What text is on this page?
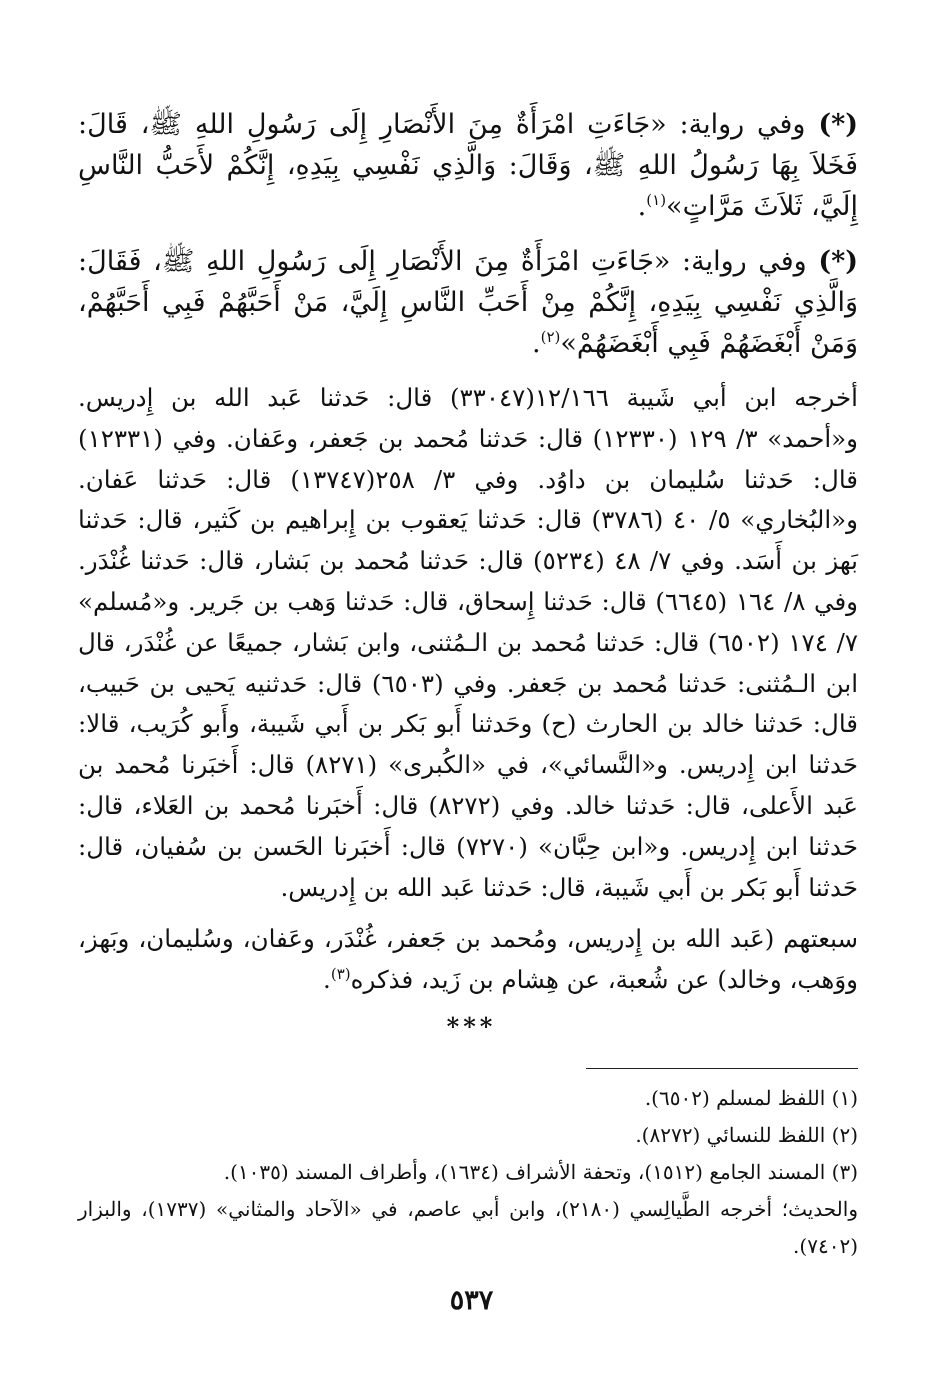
(*) وفي رواية: «جَاءَتِ امْرَأَةٌ مِنَ الأَنْصَارِ إِلَى رَسُولِ اللهِ ﷺ، قَالَ: فَخَلاَ بِهَا رَسُولُ اللهِ ﷺ، وَقَالَ: وَالَّذِي نَفْسِي بِيَدِهِ، إِنَّكُمْ لأَحَبُّ النَّاسِ إِلَيَّ، ثَلاَثَ مَرَّاتٍ»$^{(١)}$.

(*) وفي رواية: «جَاءَتِ امْرَأَةٌ مِنَ الأَنْصَارِ إِلَى رَسُولِ اللهِ ﷺ، فَقَالَ: وَالَّذِي نَفْسِي بِيَدِهِ، إِنَّكُمْ مِنْ أَحَبِّ النَّاسِ إِلَيَّ، مَنْ أَحَبَّهُمْ فَبِي أَحَبَّهُمْ، وَمَنْ أَبْغَضَهُمْ فَبِي أَبْغَضَهُمْ»$^{(٢)}$.

أخرجه ابن أبي شَيبة ١٢/١٦٦(٣٣٠٤٧) قال: حَدثنا عَبد الله بن إِدريس. و«أحمد» ٣/ ١٢٩ (١٢٣٣٠) قال: حَدثنا مُحمد بن جَعفر، وعَفان. وفي (١٢٣٣١) قال: حَدثنا سُليمان بن داوُد. وفي ٣/ ٢٥٨(١٣٧٤٧) قال: حَدثنا عَفان. و«البُخاري» ٥/ ٤٠ (٣٧٨٦) قال: حَدثنا يَعقوب بن إِبراهيم بن كَثير، قال: حَدثنا بَهز بن أَسَد. وفي ٧/ ٤٨ (٥٢٣٤) قال: حَدثنا مُحمد بن بَشار، قال: حَدثنا غُنْدَر. وفي ٨/ ١٦٤ (٦٦٤٥) قال: حَدثنا إِسحاق، قال: حَدثنا وَهب بن جَرير. و«مُسلم» ٧/ ١٧٤ (٦٥٠٢) قال: حَدثنا مُحمد بن الـمُثنى، وابن بَشار، جميعًا عن غُنْدَر، قال ابن الـمُثنى: حَدثنا مُحمد بن جَعفر. وفي (٦٥٠٣) قال: حَدثنيه يَحيى بن حَبيب، قال: حَدثنا خالد بن الحارث (ح) وحَدثنا أَبو بَكر بن أَبي شَيبة، وأَبو كُرَيب، قالا: حَدثنا ابن إِدريس. و«النَّسائي»، في «الكُبرى» (٨٢٧١) قال: أَخبَرنا مُحمد بن عَبد الأَعلى، قال: حَدثنا خالد. وفي (٨٢٧٢) قال: أَخبَرنا مُحمد بن العَلاء، قال: حَدثنا ابن إِدريس. و«ابن حِبَّان» (٧٢٧٠) قال: أَخبَرنا الحَسن بن سُفيان، قال: حَدثنا أَبو بَكر بن أَبي شَيبة، قال: حَدثنا عَبد الله بن إِدريس.

سبعتهم (عَبد الله بن إِدريس، ومُحمد بن جَعفر، غُنْدَر، وعَفان، وسُليمان، وبَهز، ووَهب، وخالد) عن شُعبة، عن هِشام بن زَيد، فذكره$^{(٣)}$.

***

(١) اللفظ لمسلم (٦٥٠٢).

(٢) اللفظ للنسائي (٨٢٧٢).

(٣) المسند الجامع (١٥١٢)، وتحفة الأشراف (١٦٣٤)، وأطراف المسند (١٠٣٥).

والحديث؛ أخرجه الطَّيالِسي (٢١٨٠)، وابن أبي عاصم، في «الآحاد والمثاني» (١٧٣٧)، والبزار (٧٤٠٢).

٥٣٧
